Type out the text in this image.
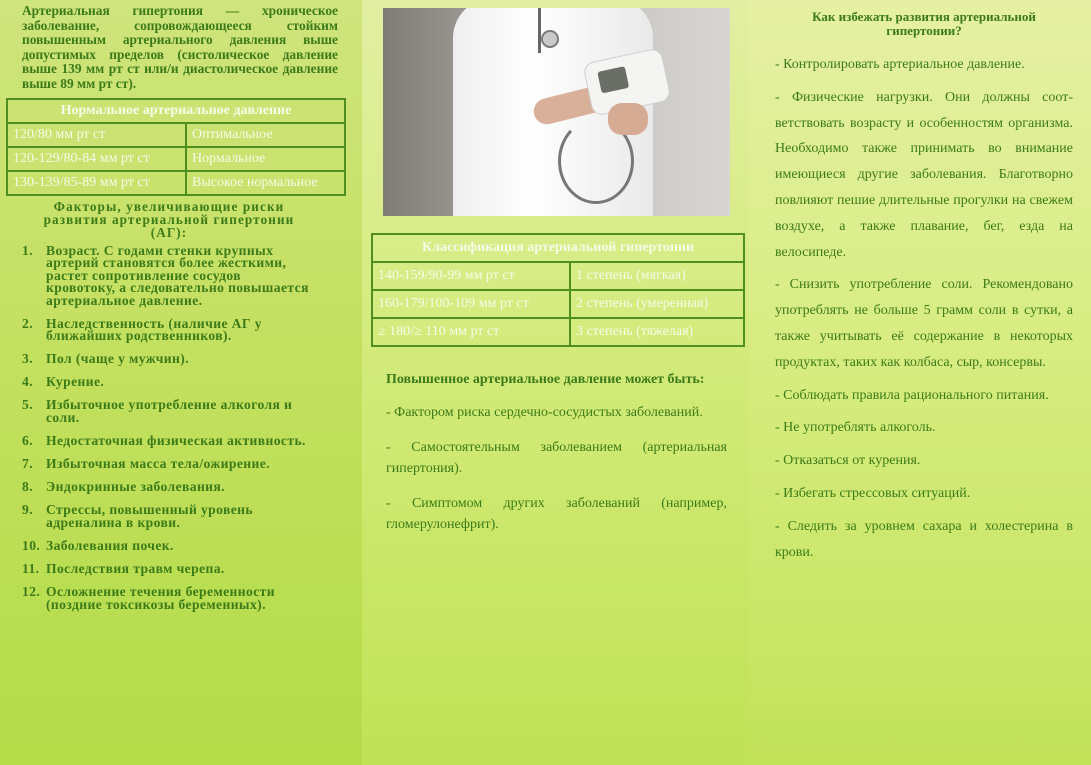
Артериальная гипертония — хроническое заболевание, сопровождающееся стойким повышенным артериального давления выше допустимых пределов (систолическое давление выше 139 мм рт ст или/и диастолическое давление выше 89 мм рт ст).

Нормальное артериальное давление	
120/80 мм рт ст	Оптимальное
120-129/80-84 мм рт ст	Нормальное
130-139/85-89 мм рт ст	Высокое нормальное
Факторы, увеличивающие риски развития артериальной гипертонии (АГ):
1. Возраст. С годами стенки крупных артерий становятся более жесткими, растет сопротивление сосудов кровотоку, а следовательно повышается артериальное давление.
2. Наследственность (наличие АГ у ближайших родственников).
3. Пол (чаще у мужчин).
4. Курение.
5. Избыточное употребление алкоголя и соли.
6. Недостаточная физическая активность.
7. Избыточная масса тела/ожирение.
8. Эндокринные заболевания.
9. Стрессы, повышенный уровень адреналина в крови.
10. Заболевания почек.
11. Последствия травм черепа.
12. Осложнение течения беременности (поздние токсикозы беременных).
Классификация артериальной гипертонии	
140-159/90-99 мм рт ст	1 степень (мягкая)
160-179/100-109 мм рт ст	2 степень (умеренная)
≥ 180/≥ 110 мм рт ст	3 степень (тяжелая)

Повышенное артериальное давление может быть:

- Фактором риска сердечно-сосудистых заболеваний.

- Самостоятельным заболеванием (артериальная гипертония).

- Симптомом других заболеваний (например, гломерулонефрит).

Как избежать развития артериальной гипертонии?

- Контролировать артериальное давление.

- Физические нагрузки. Они должны соответствовать возрасту и особенностям организма. Необходимо также принимать во внимание имеющиеся другие заболевания. Благотворно повлияют пешие длительные прогулки на свежем воздухе, а также плавание, бег, езда на велосипеде.

- Снизить употребление соли. Рекомендовано употреблять не больше 5 грамм соли в сутки, а также учитывать её содержание в некоторых продуктах, таких как колбаса, сыр, консервы.

- Соблюдать правила рационального питания.

- Не употреблять алкоголь.

- Отказаться от курения.

- Избегать стрессовых ситуаций.

- Следить за уровнем сахара и холестерина в крови.
